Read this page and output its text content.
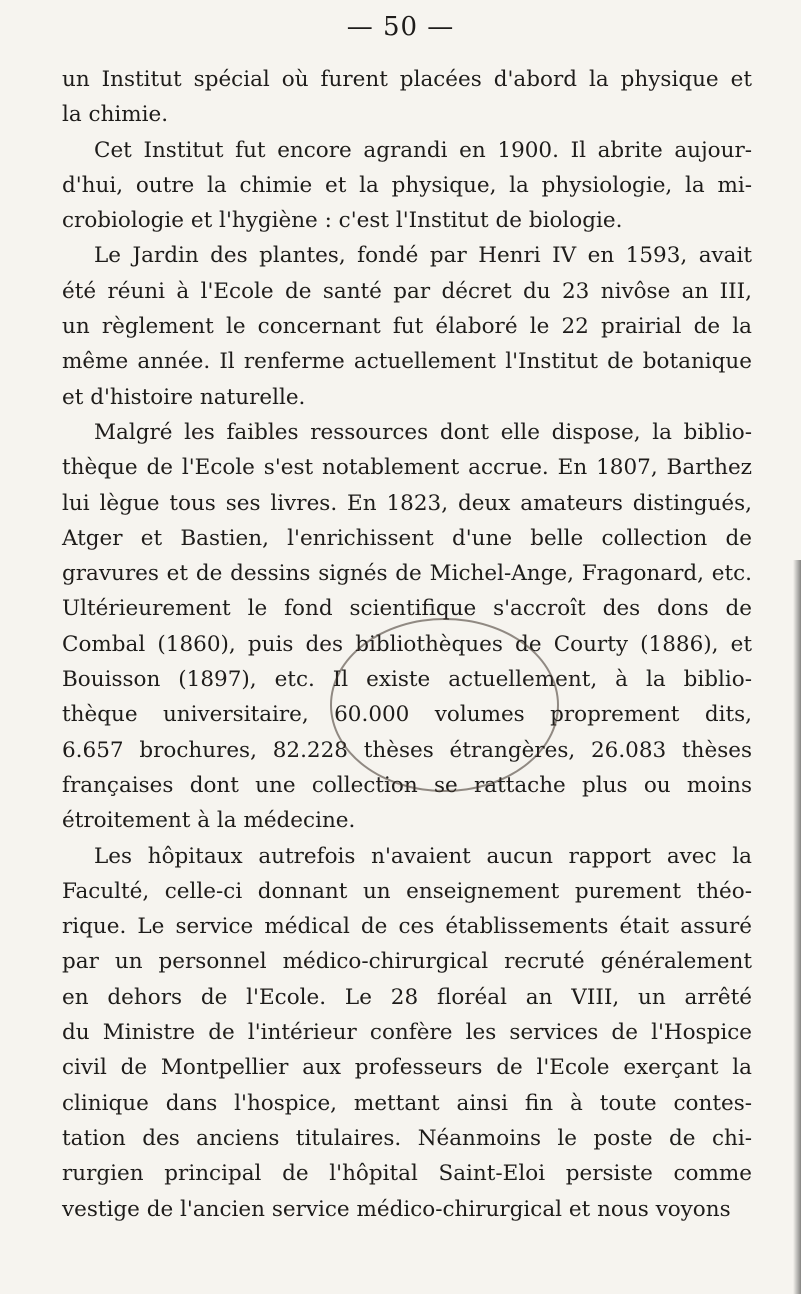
— 50 —
un Institut spécial où furent placées d'abord la physique et
la chimie.
Cet Institut fut encore agrandi en 1900. Il abrite aujour-
d'hui, outre la chimie et la physique, la physiologie, la mi-
crobiologie et l'hygiène : c'est l'Institut de biologie.
Le Jardin des plantes, fondé par Henri IV en 1593, avait
été réuni à l'Ecole de santé par décret du 23 nivôse an III,
un règlement le concernant fut élaboré le 22 prairial de la
même année. Il renferme actuellement l'Institut de botanique
et d'histoire naturelle.
Malgré les faibles ressources dont elle dispose, la biblio-
thèque de l'Ecole s'est notablement accrue. En 1807, Barthez
lui lègue tous ses livres. En 1823, deux amateurs distingués,
Atger et Bastien, l'enrichissent d'une belle collection de
gravures et de dessins signés de Michel-Ange, Fragonard, etc.
Ultérieurement le fond scientifique s'accroît des dons de
Combal (1860), puis des bibliothèques de Courty (1886), et
Bouisson (1897), etc. Il existe actuellement, à la biblio-
thèque universitaire, 60.000 volumes proprement dits,
6.657 brochures, 82.228 thèses étrangères, 26.083 thèses
françaises dont une collection se rattache plus ou moins
étroitement à la médecine.
Les hôpitaux autrefois n'avaient aucun rapport avec la
Faculté, celle-ci donnant un enseignement purement théo-
rique. Le service médical de ces établissements était assuré
par un personnel médico-chirurgical recruté généralement
en dehors de l'Ecole. Le 28 floréal an VIII, un arrêté
du Ministre de l'intérieur confère les services de l'Hospice
civil de Montpellier aux professeurs de l'Ecole exerçant la
clinique dans l'hospice, mettant ainsi fin à toute contes-
tation des anciens titulaires. Néanmoins le poste de chi-
rurgien principal de l'hôpital Saint-Eloi persiste comme
vestige de l'ancien service médico-chirurgical et nous voyons
